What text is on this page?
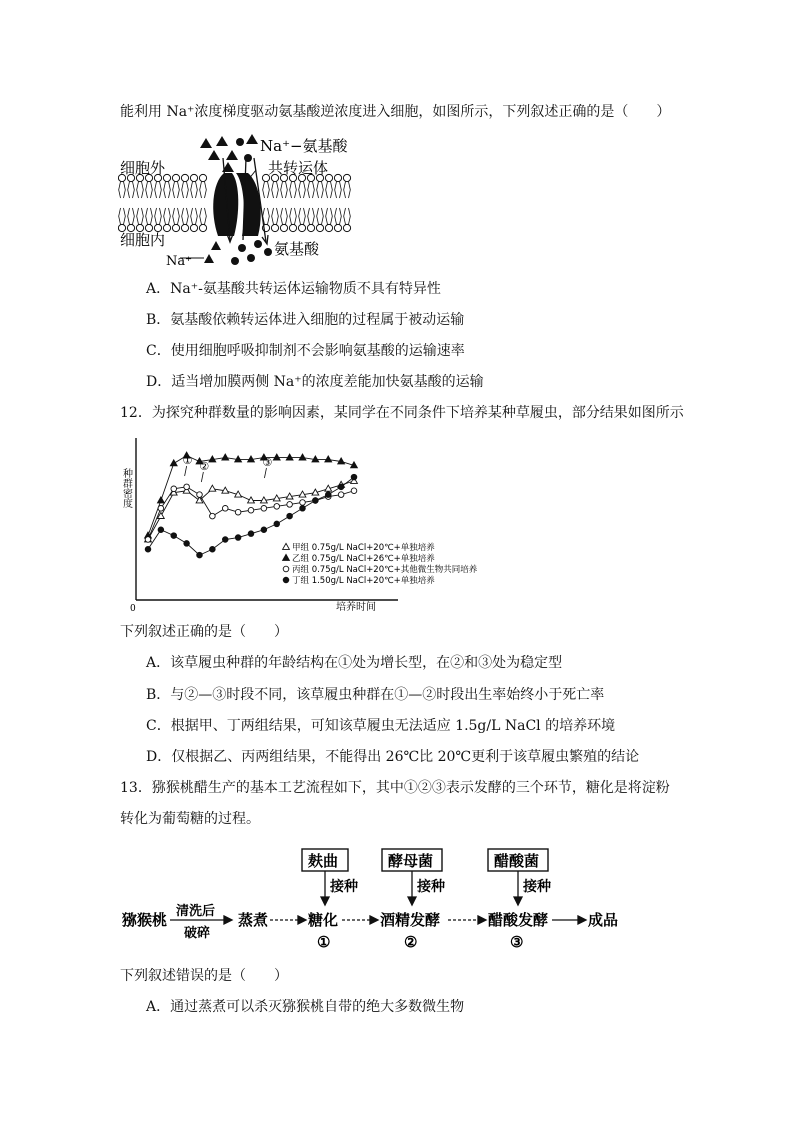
能利用 Na⁺浓度梯度驱动氨基酸逆浓度进入细胞，如图所示，下列叙述正确的是（　　）
细胞外
细胞内
Na⁺−氨基酸
共转运体
氨基酸
Na⁺
A．Na⁺-氨基酸共转运体运输物质不具有特异性
B．氨基酸依赖转运体进入细胞的过程属于被动运输
C．使用细胞呼吸抑制剂不会影响氨基酸的运输速率
D．适当增加膜两侧 Na⁺的浓度差能加快氨基酸的运输
12．为探究种群数量的影响因素，某同学在不同条件下培养某种草履虫，部分结果如图所示
种群密度
培养时间
0
① ②	③
甲组 0.75g/L NaCl+20℃+单独培养
乙组 0.75g/L NaCl+26℃+单独培养
丙组 0.75g/L NaCl+20℃+其他微生物共同培养
丁组 1.50g/L NaCl+20℃+单独培养
下列叙述正确的是（　　）
A．该草履虫种群的年龄结构在①处为增长型，在②和③处为稳定型
B．与②—③时段不同，该草履虫种群在①—②时段出生率始终小于死亡率
C．根据甲、丁两组结果，可知该草履虫无法适应 1.5g/L NaCl 的培养环境
D．仅根据乙、丙两组结果，不能得出 26℃比 20℃更利于该草履虫繁殖的结论
13．猕猴桃醋生产的基本工艺流程如下，其中①②③表示发酵的三个环节，糖化是将淀粉
转化为葡萄糖的过程。
麸曲	酵母菌	醋酸菌
接种	接种	接种
猕猴桃 清洗后
破碎
蒸煮	糖化	酒精发酵	醋酸发酵	成品
①	②	③
下列叙述错误的是（　　）
A．通过蒸煮可以杀灭猕猴桃自带的绝大多数微生物
